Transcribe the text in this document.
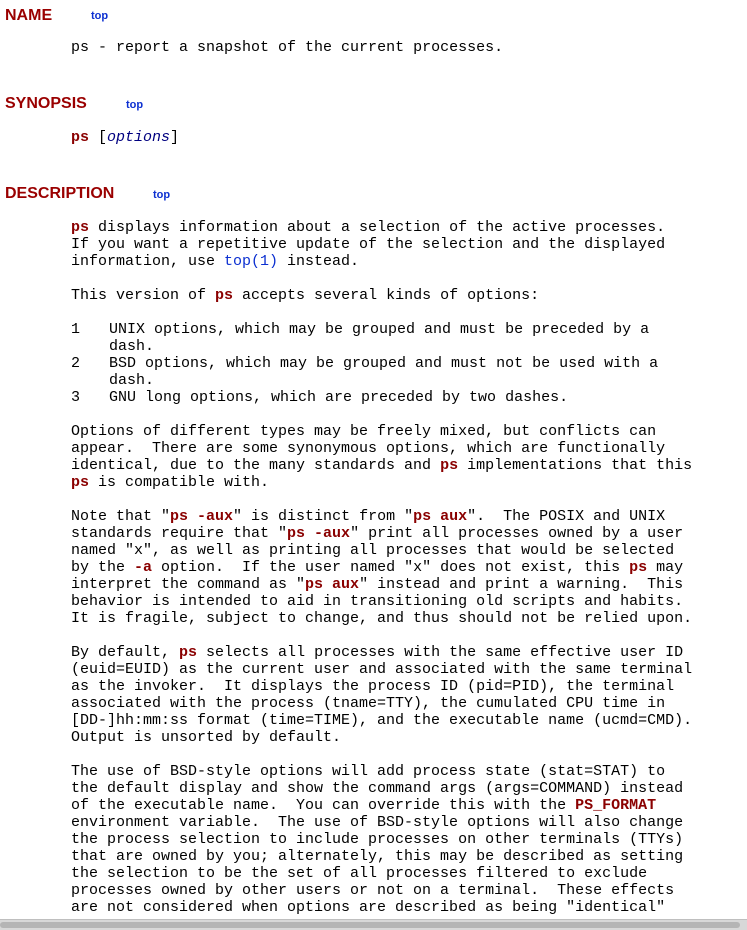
NAME	top
ps - report a snapshot of the current processes.
SYNOPSIS	top
ps [options]
DESCRIPTION	top
ps displays information about a selection of the active processes.
If you want a repetitive update of the selection and the displayed
information, use top(1) instead.
This version of ps accepts several kinds of options:
1 UNIX options, which may be grouped and must be preceded by a
dash.
2 BSD options, which may be grouped and must not be used with a
dash.
3 GNU long options, which are preceded by two dashes.
Options of different types may be freely mixed, but conflicts can
appear.  There are some synonymous options, which are functionally
identical, due to the many standards and ps implementations that this
ps is compatible with.
Note that "ps -aux" is distinct from "ps aux".  The POSIX and UNIX
standards require that "ps -aux" print all processes owned by a user
named "x", as well as printing all processes that would be selected
by the -a option.  If the user named "x" does not exist, this ps may
interpret the command as "ps aux" instead and print a warning.  This
behavior is intended to aid in transitioning old scripts and habits.
It is fragile, subject to change, and thus should not be relied upon.
By default, ps selects all processes with the same effective user ID
(euid=EUID) as the current user and associated with the same terminal
as the invoker.  It displays the process ID (pid=PID), the terminal
associated with the process (tname=TTY), the cumulated CPU time in
[DD-]hh:mm:ss format (time=TIME), and the executable name (ucmd=CMD).
Output is unsorted by default.
The use of BSD-style options will add process state (stat=STAT) to
the default display and show the command args (args=COMMAND) instead
of the executable name.  You can override this with the PS_FORMAT
environment variable.  The use of BSD-style options will also change
the process selection to include processes on other terminals (TTYs)
that are owned by you; alternately, this may be described as setting
the selection to be the set of all processes filtered to exclude
processes owned by other users or not on a terminal.  These effects
are not considered when options are described as being "identical"
